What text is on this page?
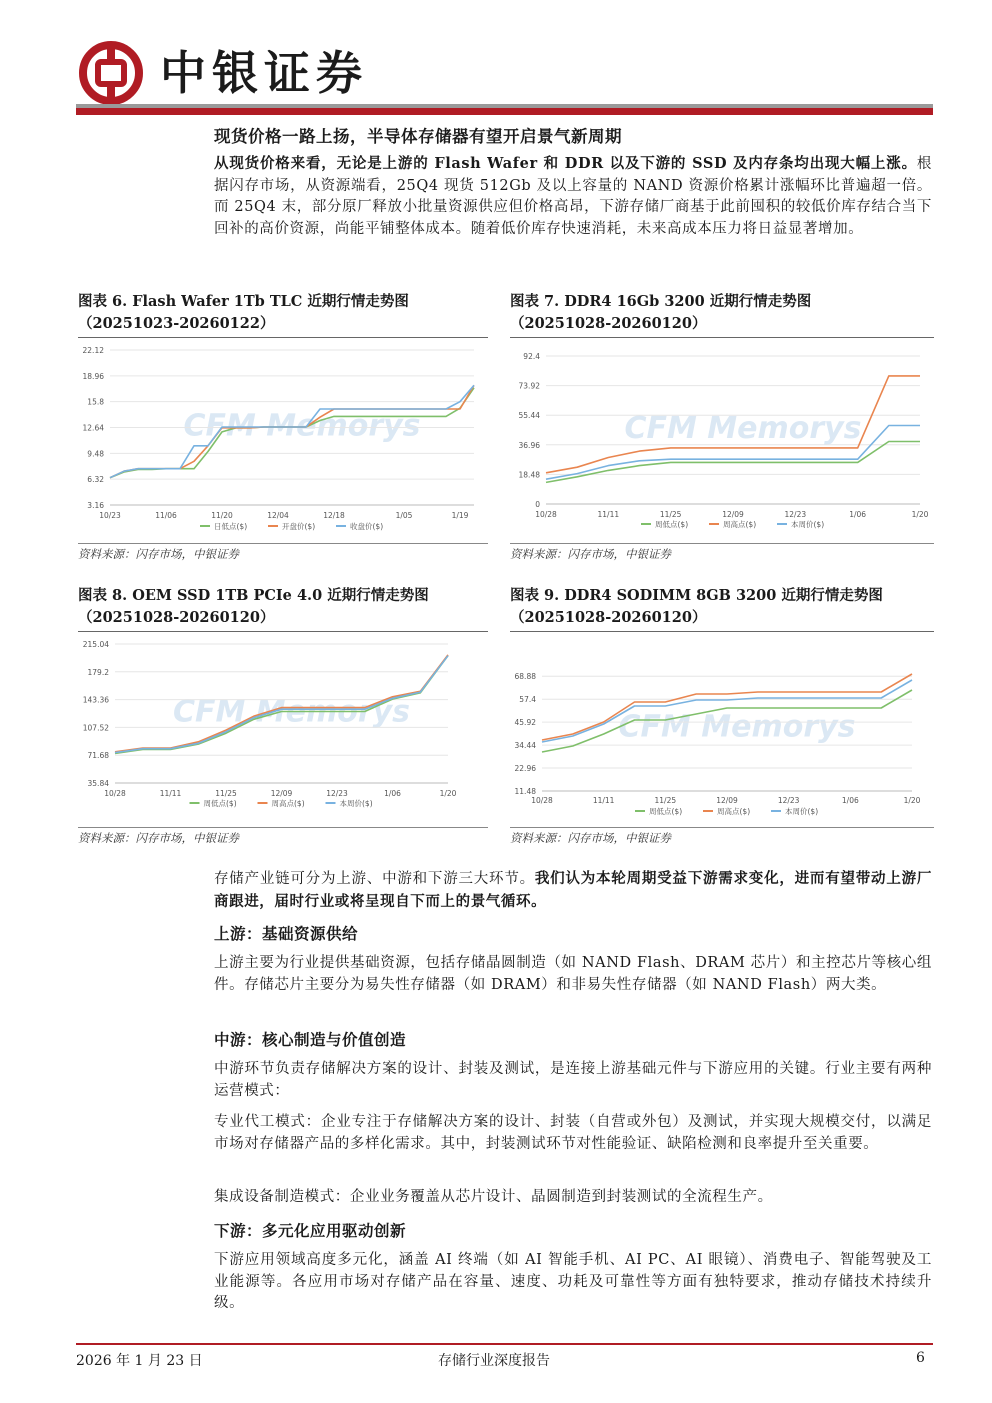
中银证券
现货价格一路上扬，半导体存储器有望开启景气新周期
从现货价格来看，无论是上游的 Flash Wafer 和 DDR 以及下游的 SSD 及内存条均出现大幅上涨。根据闪存市场，从资源端看，25Q4 现货 512Gb 及以上容量的 NAND 资源价格累计涨幅环比普遍超一倍。而 25Q4 末，部分原厂释放小批量资源供应但价格高昂，下游存储厂商基于此前囤积的较低价库存结合当下回补的高价资源，尚能平铺整体成本。随着低价库存快速消耗，未来高成本压力将日益显著增加。
图表 6. Flash Wafer 1Tb TLC 近期行情走势图
（20251023-20260122）
CFM Memorys
3.16
6.32
9.48
12.64
15.8
18.96
22.12
10/23	11/06	11/20	12/04	12/18	1/05	1/19
日低点($)	开盘价($)	收盘价($)
资料来源：闪存市场，中银证券
图表 7. DDR4 16Gb 3200 近期行情走势图
（20251028-20260120）
CFM Memorys
0
18.48
36.96
55.44
73.92
92.4
10/28	11/11	11/25	12/09	12/23	1/06	1/20
周低点($)	周高点($)	本周价($)
资料来源：闪存市场，中银证券
图表 8. OEM SSD 1TB PCIe 4.0 近期行情走势图
（20251028-20260120）
CFM Memorys
35.84
71.68
107.52
143.36
179.2
215.04
10/28	11/11	11/25	12/09	12/23	1/06	1/20
周低点($)	周高点($)	本周价($)
资料来源：闪存市场，中银证券
图表 9. DDR4 SODIMM 8GB 3200 近期行情走势图
（20251028-20260120）
CFM Memorys
11.48
22.96
34.44
45.92
57.4
68.88
10/28	11/11	11/25	12/09	12/23	1/06	1/20
周低点($)	周高点($)	本周价($)
资料来源：闪存市场，中银证券
存储产业链可分为上游、中游和下游三大环节。我们认为本轮周期受益下游需求变化，进而有望带动上游厂商跟进，届时行业或将呈现自下而上的景气循环。
上游：基础资源供给
上游主要为行业提供基础资源，包括存储晶圆制造（如 NAND Flash、DRAM 芯片）和主控芯片等核心组件。存储芯片主要分为易失性存储器（如 DRAM）和非易失性存储器（如 NAND Flash）两大类。
中游：核心制造与价值创造
中游环节负责存储解决方案的设计、封装及测试，是连接上游基础元件与下游应用的关键。行业主要有两种运营模式：
专业代工模式：企业专注于存储解决方案的设计、封装（自营或外包）及测试，并实现大规模交付，以满足市场对存储器产品的多样化需求。其中，封装测试环节对性能验证、缺陷检测和良率提升至关重要。
集成设备制造模式：企业业务覆盖从芯片设计、晶圆制造到封装测试的全流程生产。
下游：多元化应用驱动创新
下游应用领域高度多元化，涵盖 AI 终端（如 AI 智能手机、AI PC、AI 眼镜）、消费电子、智能驾驶及工业能源等。各应用市场对存储产品在容量、速度、功耗及可靠性等方面有独特要求，推动存储技术持续升级。
2026 年 1 月 23 日	存储行业深度报告	6
